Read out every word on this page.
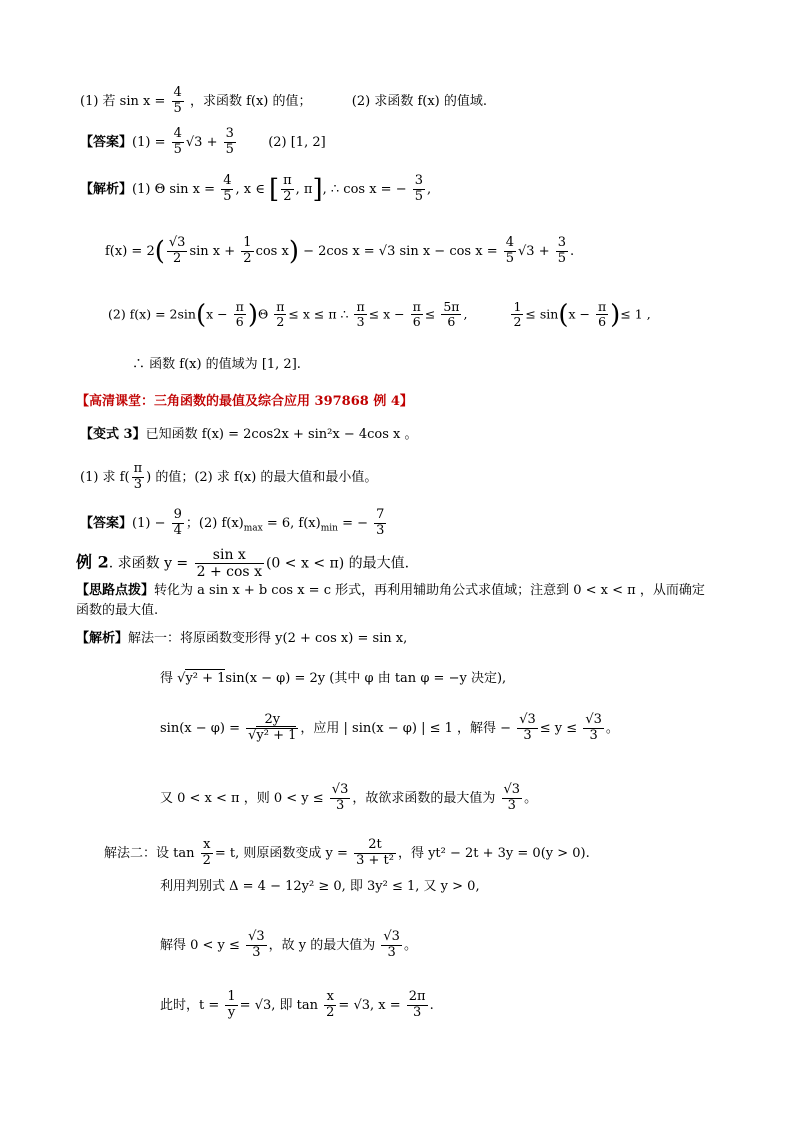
(1) 若 $\sin x = \frac{4}{5}$ ，求函数 f(x) 的值；	(2) 求函数 f(x) 的值域.
【答案】$(1) = \frac{4}{5} √3 + \frac{3}{5} (2)$ [1, 2]
【解析】(1) Θ $\sin x = \frac{4}{5}$ , x ∈ [ $\frac{\pi}{2}$ , π], ∴ cos x = − $\frac{3}{5}$ ,
$f(x) = 2( \frac{√3}{2}$ $\sin x + \frac{1}{2}$ cos x) − 2cos x = √3 $\sin x - \cos x = \frac{4}{5} √3 + \frac{3}{5}$ .
(2) $f(x) = 2\sin(x - \frac{\pi}{6} )\Theta \frac{\pi}{2} \le x \le \pi$ ∴ $\frac{\pi}{3} \le x - \frac{\pi}{6} \le \frac{5\pi}{6}$ ,	$\frac{1}{2} \le \sin(x - \frac{\pi}{6}$ )≤ 1 ,
∴ 函数 f(x) 的值域为 [1, 2].
【高清课堂：三角函数的最值及综合应用 397868 例 4】
【变式 3】已知函数 f(x) = 2cos2x + sin²x − 4cos x 。
(1) 求 $f( \frac{\pi}{3}$ ) 的值；(2) 求 f(x) 的最大值和最小值。
【答案】$(1) - \frac{9}{4}$ ；(2) $f(x)_{max} = 6$, $f(x)_{min}$ = − $\frac{7}{3}$
例 2. 求函数 $y = \frac{\text{sin x}}{\text{2 + cos x}} (0 < x < \pi)$ 的最大值.
【思路点拨】转化为 a sin x + b cos x = c 形式，再利用辅助角公式求值域；注意到 0 < x < π ，从而确定
函数的最大值.
【解析】解法一：将原函数变形得 y(2 + cos x) = sin x,
得 √y² + 1sin(x − φ) = 2y (其中 φ 由 tan φ = −y 决定),
$\sin(x - \varphi) = \frac{2y}{\text{√y² + 1}}$ ，应用 | sin(x − φ) | ≤ 1 ，解得 − $\frac{√3}{3} \le y \le \frac{√3}{3}$ 。
又 0 < x < π ，则 $0 < y \le \frac{√3}{3}$ ，故欲求函数的最大值为 $\frac{√3}{3}$ 。
解法二：设 $\tan \frac{x}{2} = t$, 则原函数变成 $y = \frac{2t}{\text{3 + t²}}$ ，得 yt² − 2t + 3y = 0(y > 0).
利用判别式 Δ = 4 − 12y² ≥ 0, 即 3y² ≤ 1, 又 y > 0,
解得 $0 < y \le \frac{√3}{3}$ ，故 y 的最大值为 $\frac{√3}{3}$ 。
此时，$t = \frac{1}{y} = √3$, 即 $\tan \frac{x}{2} = √3$, $x = \frac{2\pi}{3}$ .
